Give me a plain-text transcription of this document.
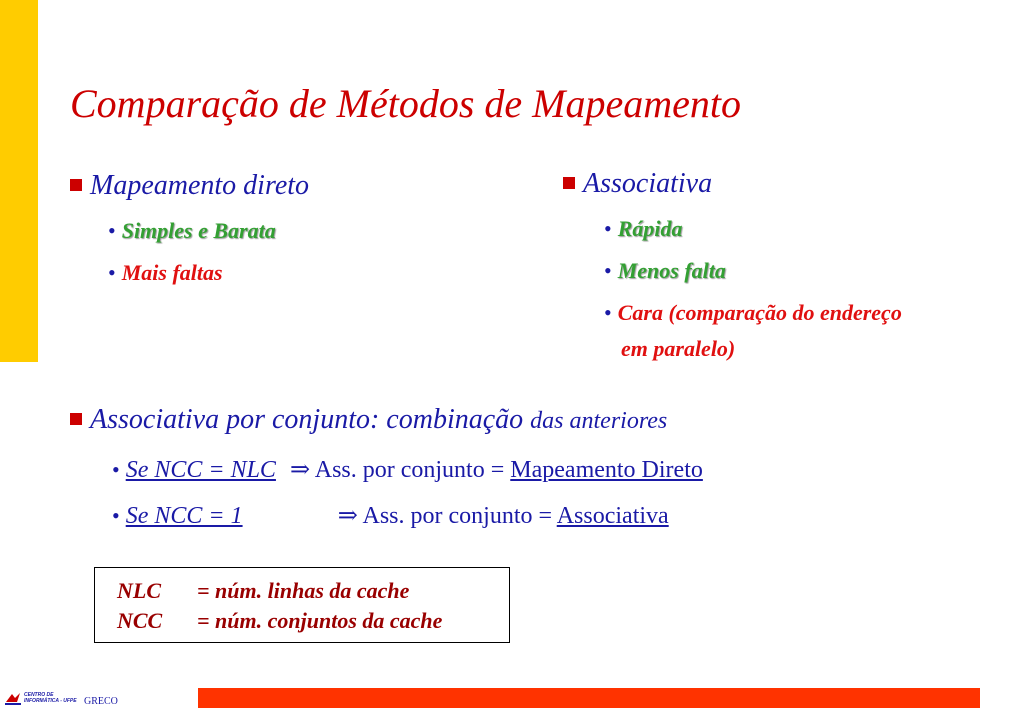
Comparação de Métodos de Mapeamento
Mapeamento direto
• Simples e Barata
• Mais faltas
Associativa
• Rápida
• Menos falta
• Cara (comparação do endereço
em paralelo)
Associativa por conjunto: combinação das anteriores
• Se NCC = NLC ⇒ Ass. por conjunto = Mapeamento Direto
• Se NCC = 1	⇒ Ass. por conjunto = Associativa
NLC = núm. linhas da cache
NCC = núm. conjuntos da cache
CENTRO DE
INFORMÁTICA - UFPE GRECO
